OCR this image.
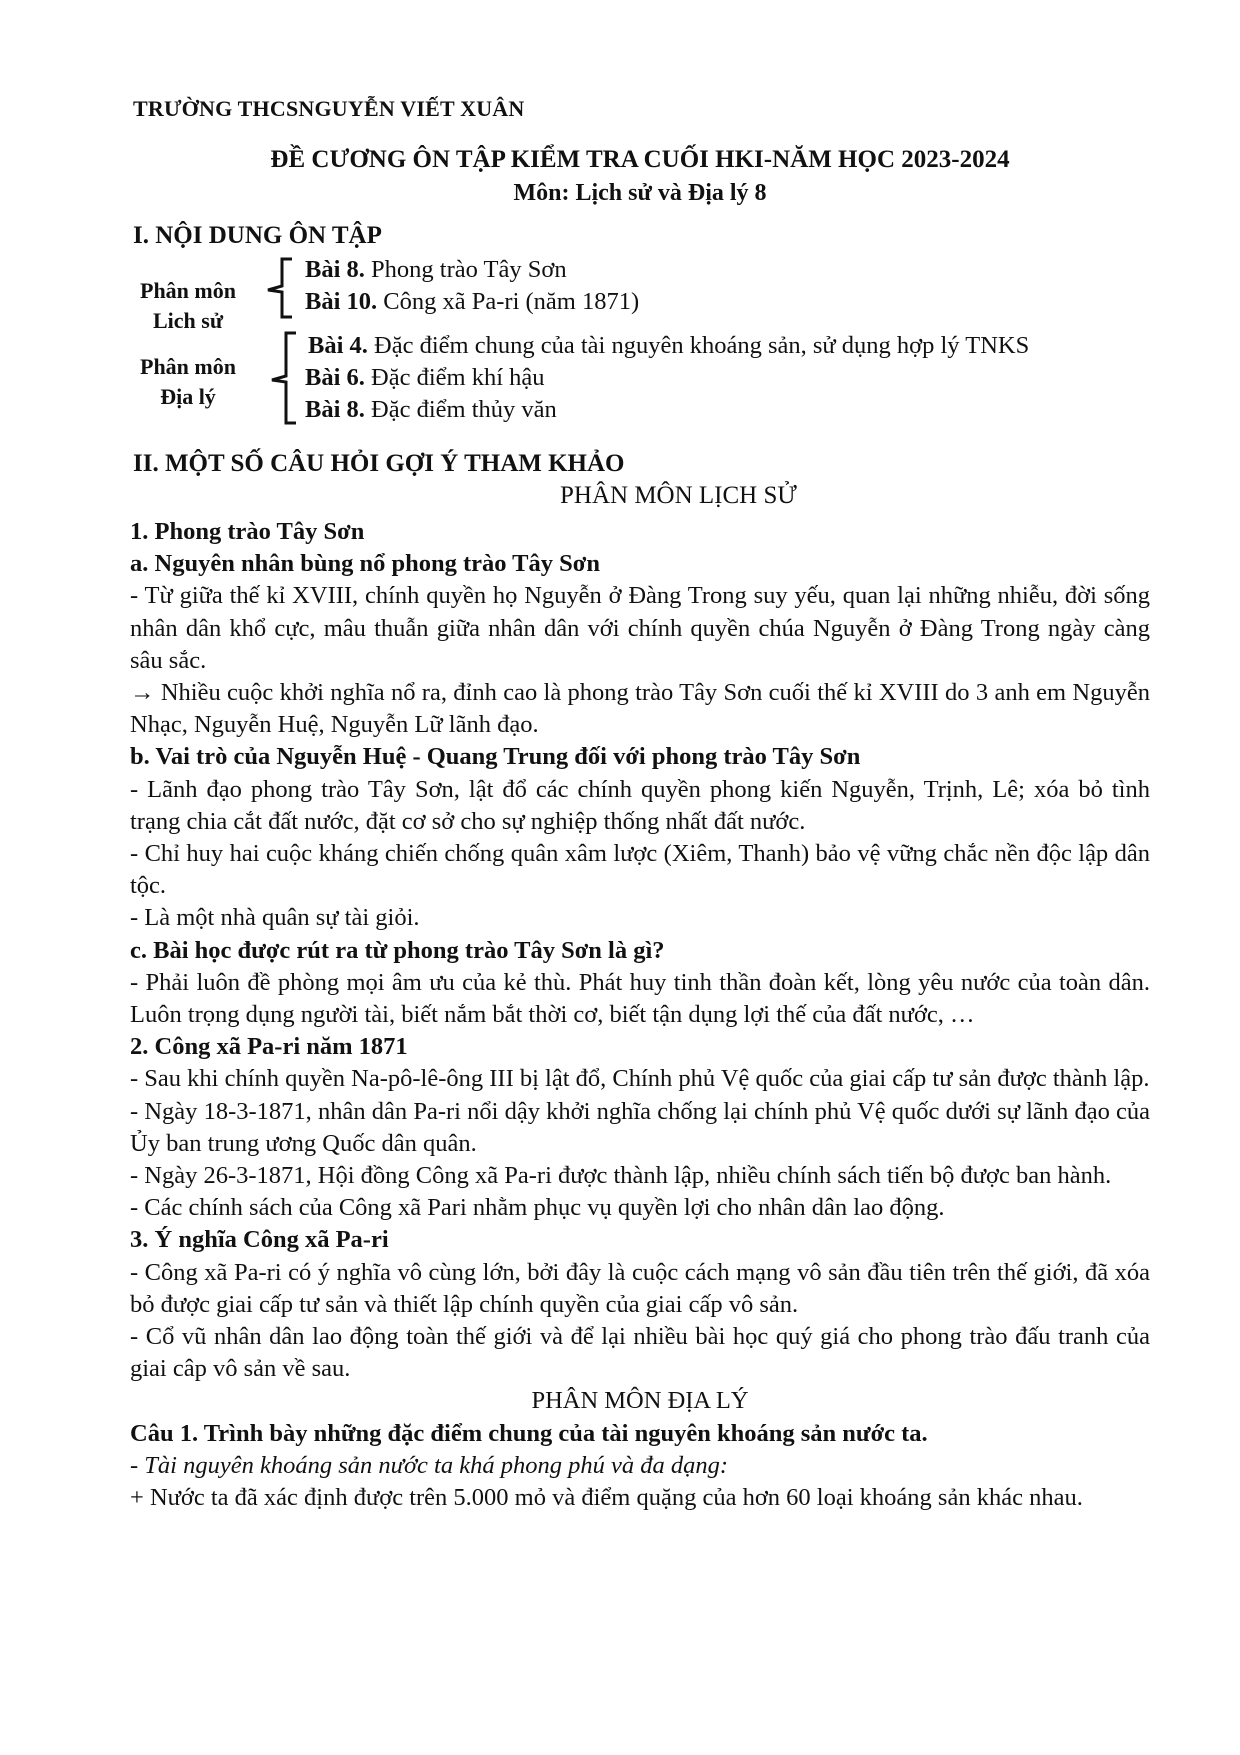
TRƯỜNG THCSNGUYỄN VIẾT XUÂN
ĐỀ CƯƠNG ÔN TẬP KIỂM TRA CUỐI HKI-NĂM HỌC 2023-2024
Môn: Lịch sử và Địa lý 8
I. NỘI DUNG ÔN TẬP
Phân môn
Lich sử
Bài 8. Phong trào Tây Sơn
Bài 10. Công xã Pa-ri (năm 1871)
Phân môn
Địa lý
Bài 4. Đặc điểm chung của tài nguyên khoáng sản, sử dụng hợp lý TNKS
Bài 6. Đặc điểm khí hậu
Bài 8. Đặc điểm thủy văn
II. MỘT SỐ CÂU HỎI GỢI Ý THAM KHẢO
PHÂN MÔN LỊCH SỬ

1. Phong trào Tây Sơn

a. Nguyên nhân bùng nổ phong trào Tây Sơn

- Từ giữa thế kỉ XVIII, chính quyền họ Nguyễn ở Đàng Trong suy yếu, quan lại những nhiễu, đời sống nhân dân khổ cực, mâu thuẫn giữa nhân dân với chính quyền chúa Nguyễn ở Đàng Trong ngày càng sâu sắc.

→ Nhiều cuộc khởi nghĩa nổ ra, đỉnh cao là phong trào Tây Sơn cuối thế kỉ XVIII do 3 anh em Nguyễn Nhạc, Nguyễn Huệ, Nguyễn Lữ lãnh đạo.

b. Vai trò của Nguyễn Huệ - Quang Trung đối với phong trào Tây Sơn

- Lãnh đạo phong trào Tây Sơn, lật đổ các chính quyền phong kiến Nguyễn, Trịnh, Lê; xóa bỏ tình trạng chia cắt đất nước, đặt cơ sở cho sự nghiệp thống nhất đất nước.

- Chỉ huy hai cuộc kháng chiến chống quân xâm lược (Xiêm, Thanh) bảo vệ vững chắc nền độc lập dân tộc.

- Là một nhà quân sự tài giỏi.

c. Bài học được rút ra từ phong trào Tây Sơn là gì?

- Phải luôn đề phòng mọi âm ưu của kẻ thù. Phát huy tinh thần đoàn kết, lòng yêu nước của toàn dân. Luôn trọng dụng người tài, biết nắm bắt thời cơ, biết tận dụng lợi thế của đất nước, …

2. Công xã Pa-ri năm 1871

- Sau khi chính quyền Na-pô-lê-ông III bị lật đổ, Chính phủ Vệ quốc của giai cấp tư sản được thành lập.

- Ngày 18-3-1871, nhân dân Pa-ri nổi dậy khởi nghĩa chống lại chính phủ Vệ quốc dưới sự lãnh đạo của Ủy ban trung ương Quốc dân quân.

- Ngày 26-3-1871, Hội đồng Công xã Pa-ri được thành lập, nhiều chính sách tiến bộ được ban hành.

- Các chính sách của Công xã Pari nhằm phục vụ quyền lợi cho nhân dân lao động.

3. Ý nghĩa Công xã Pa-ri

- Công xã Pa-ri có ý nghĩa vô cùng lớn, bởi đây là cuộc cách mạng vô sản đầu tiên trên thế giới, đã xóa bỏ được giai cấp tư sản và thiết lập chính quyền của giai cấp vô sản.

- Cổ vũ nhân dân lao động toàn thế giới và để lại nhiều bài học quý giá cho phong trào đấu tranh của giai câp vô sản về sau.

PHÂN MÔN ĐỊA LÝ

Câu 1. Trình bày những đặc điểm chung của tài nguyên khoáng sản nước ta.

- Tài nguyên khoáng sản nước ta khá phong phú và đa dạng:

+ Nước ta đã xác định được trên 5.000 mỏ và điểm quặng của hơn 60 loại khoáng sản khác nhau.
